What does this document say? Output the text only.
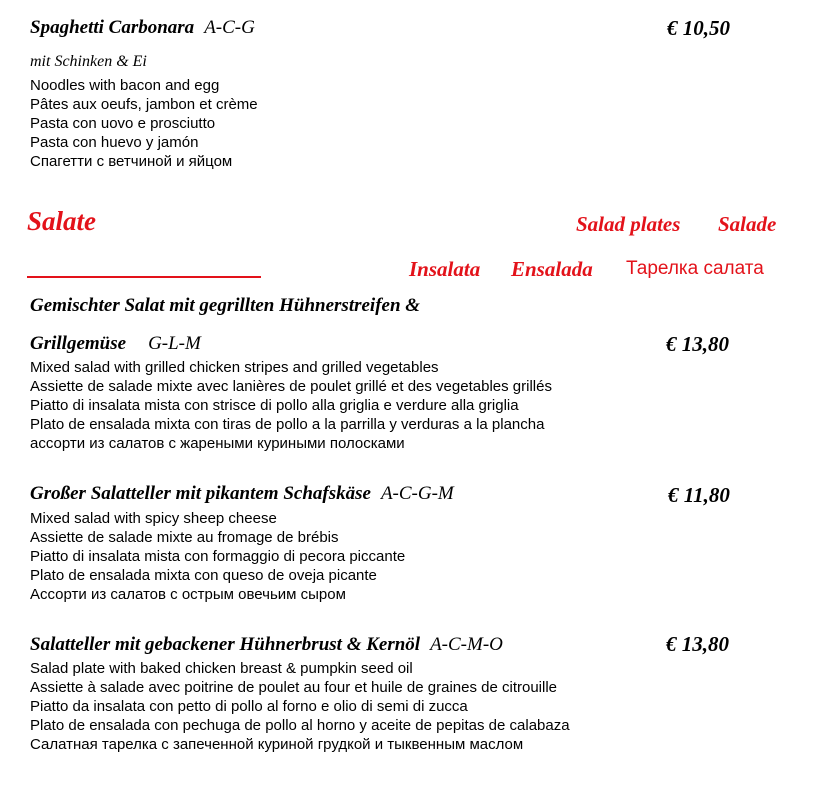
Spaghetti Carbonara A-C-G	€ 10,50
mit Schinken & Ei
Noodles with bacon and egg
Pâtes aux oeufs, jambon et crème
Pasta con uovo e prosciutto
Pasta con huevo y jamón
Спагетти с ветчиной и яйцом
Salate	Salad plates Salade
Insalata Ensalada Тарелка салата
Gemischter Salat mit gegrillten Hühnerstreifen &
Grillgemüse G-L-M	€ 13,80
Mixed salad with grilled chicken stripes and grilled vegetables
Assiette de salade mixte avec lanières de poulet grillé et des vegetables grillés
Piatto di insalata mista con strisce di pollo alla griglia e verdure alla griglia
Plato de ensalada mixta con tiras de pollo a la parrilla y verduras a la plancha
ассорти из салатов с жареными куриными полосками
Großer Salatteller mit pikantem Schafskäse A-C-G-M	€ 11,80
Mixed salad with spicy sheep cheese
Assiette de salade mixte au fromage de brébis
Piatto di insalata mista con formaggio di pecora piccante
Plato de ensalada mixta con queso de oveja picante
Ассорти из салатов с острым овечьим сыром
Salatteller mit gebackener Hühnerbrust & Kernöl A-C-M-O	€ 13,80
Salad plate with baked chicken breast & pumpkin seed oil
Assiette à salade avec poitrine de poulet au four et huile de graines de citrouille
Piatto da insalata con petto di pollo al forno e olio di semi di zucca
Plato de ensalada con pechuga de pollo al horno y aceite de pepitas de calabaza
Салатная тарелка с запеченной куриной грудкой и тыквенным маслом
